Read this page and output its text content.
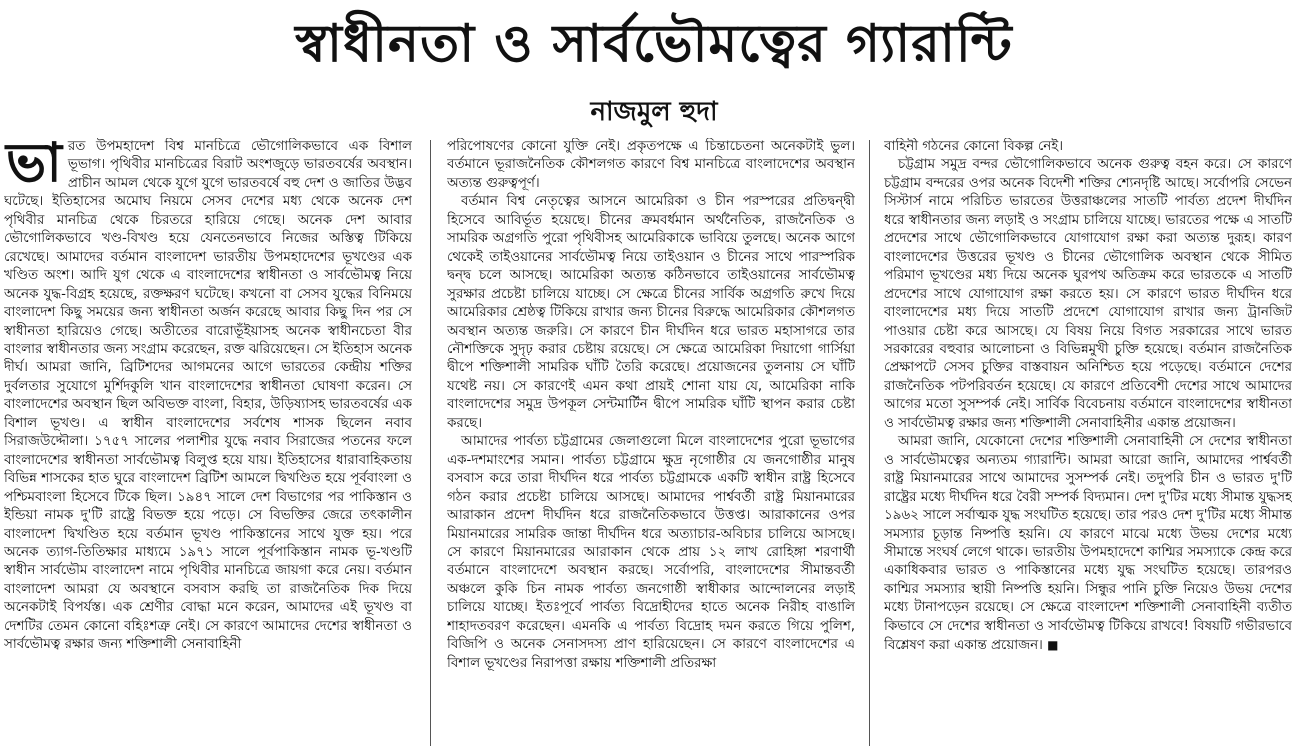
স্বাধীনতা ও সার্বভৌমত্বের গ্যারান্টি
নাজমুল হুদা

ভারত উপমহাদেশ বিশ্ব মানচিত্রে ভৌগোলিকভাবে এক বিশাল ভূভাগ। পৃথিবীর মানচিত্রের বিরাট অংশজুড়ে ভারতবর্ষের অবস্থান। প্রাচীন আমল থেকে যুগে যুগে ভারতবর্ষে বহু দেশ ও জাতির উদ্ভব ঘটেছে। ইতিহাসের অমোঘ নিয়মে সেসব দেশের মধ্য থেকে অনেক দেশ পৃথিবীর মানচিত্র থেকে চিরতরে হারিয়ে গেছে। অনেক দেশ আবার ভৌগোলিকভাবে খণ্ড-বিখণ্ড হয়ে যেনতেনভাবে নিজের অস্তিত্ব টিকিয়ে রেখেছে। আমাদের বর্তমান বাংলাদেশ ভারতীয় উপমহাদেশের ভূখণ্ডের এক খণ্ডিত অংশ। আদি যুগ থেকে এ বাংলাদেশের স্বাধীনতা ও সার্বভৌমত্ব নিয়ে অনেক যুদ্ধ-বিগ্রহ হয়েছে, রক্তক্ষরণ ঘটেছে। কখনো বা সেসব যুদ্ধের বিনিময়ে বাংলাদেশ কিছু সময়ের জন্য স্বাধীনতা অর্জন করেছে আবার কিছু দিন পর সে স্বাধীনতা হারিয়েও গেছে। অতীতের বারোভূঁইয়াসহ অনেক স্বাধীনচেতা বীর বাংলার স্বাধীনতার জন্য সংগ্রাম করেছেন, রক্ত ঝরিয়েছেন। সে ইতিহাস অনেক দীর্ঘ। আমরা জানি, ব্রিটিশদের আগমনের আগে ভারতের কেন্দ্রীয় শক্তির দুর্বলতার সুযোগে মুর্শিদকুলি খান বাংলাদেশের স্বাধীনতা ঘোষণা করেন। সে বাংলাদেশের অবস্থান ছিল অবিভক্ত বাংলা, বিহার, উড়িষ্যাসহ ভারতবর্ষের এক বিশাল ভূখণ্ড। এ স্বাধীন বাংলাদেশের সর্বশেষ শাসক ছিলেন নবাব সিরাজউদ্দৌলা। ১৭৫৭ সালের পলাশীর যুদ্ধে নবাব সিরাজের পতনের ফলে বাংলাদেশের স্বাধীনতা সার্বভৌমত্ব বিলুপ্ত হয়ে যায়। ইতিহাসের ধারাবাহিকতায় বিভিন্ন শাসকের হাত ঘুরে বাংলাদেশ ব্রিটিশ আমলে দ্বিখণ্ডিত হয়ে পূর্ববাংলা ও পশ্চিমবাংলা হিসেবে টিকে ছিল। ১৯৪৭ সালে দেশ বিভাগের পর পাকিস্তান ও ইন্ডিয়া নামক দু'টি রাষ্ট্রে বিভক্ত হয়ে পড়ে। সে বিভক্তির জেরে তৎকালীন বাংলাদেশ দ্বিখণ্ডিত হয়ে বর্তমান ভূখণ্ড পাকিস্তানের সাথে যুক্ত হয়। পরে অনেক ত্যাগ-তিতিক্ষার মাধ্যমে ১৯৭১ সালে পূর্বপাকিস্তান নামক ভূ-খণ্ডটি স্বাধীন সার্বভৌম বাংলাদেশ নামে পৃথিবীর মানচিত্রে জায়গা করে নেয়। বর্তমান বাংলাদেশ আমরা যে অবস্থানে বসবাস করছি তা রাজনৈতিক দিক দিয়ে অনেকটাই বিপর্যস্ত। এক শ্রেণীর বোদ্ধা মনে করেন, আমাদের এই ভূখণ্ড বা দেশটির তেমন কোনো বহিঃশত্রু নেই। সে কারণে আমাদের দেশের স্বাধীনতা ও সার্বভৌমত্ব রক্ষার জন্য শক্তিশালী সেনাবাহিনী

পরিপোষণের কোনো যুক্তি নেই। প্রকৃতপক্ষে এ চিন্তাচেতনা অনেকটাই ভুল। বর্তমানে ভূরাজনৈতিক কৌশলগত কারণে বিশ্ব মানচিত্রে বাংলাদেশের অবস্থান অত্যন্ত গুরুত্বপূর্ণ।

বর্তমান বিশ্ব নেতৃত্বের আসনে আমেরিকা ও চীন পরস্পরের প্রতিদ্বন্দ্বী হিসেবে আবির্ভূত হয়েছে। চীনের ক্রমবর্ধমান অর্থনৈতিক, রাজনৈতিক ও সামরিক অগ্রগতি পুরো পৃথিবীসহ আমেরিকাকে ভাবিয়ে তুলছে। অনেক আগে থেকেই তাইওয়ানের সার্বভৌমত্ব নিয়ে তাইওয়ান ও চীনের সাথে পারস্পরিক দ্বন্দ্ব চলে আসছে। আমেরিকা অত্যন্ত কঠিনভাবে তাইওয়ানের সার্বভৌমত্ব সুরক্ষার প্রচেষ্টা চালিয়ে যাচ্ছে। সে ক্ষেত্রে চীনের সার্বিক অগ্রগতি রুখে দিয়ে আমেরিকার শ্রেষ্ঠত্ব টিকিয়ে রাখার জন্য চীনের বিরুদ্ধে আমেরিকার কৌশলগত অবস্থান অত্যন্ত জরুরি। সে কারণে চীন দীর্ঘদিন ধরে ভারত মহাসাগরে তার নৌশক্তিকে সুদৃঢ় করার চেষ্টায় রয়েছে। সে ক্ষেত্রে আমেরিকা দিয়াগো গার্সিয়া দ্বীপে শক্তিশালী সামরিক ঘাঁটি তৈরি করেছে। প্রয়োজনের তুলনায় সে ঘাঁটি যথেষ্ট নয়। সে কারণেই এমন কথা প্রায়ই শোনা যায় যে, আমেরিকা নাকি বাংলাদেশের সমুদ্র উপকূল সেন্টমার্টিন দ্বীপে সামরিক ঘাঁটি স্থাপন করার চেষ্টা করছে।

আমাদের পার্বত্য চট্টগ্রামের জেলাগুলো মিলে বাংলাদেশের পুরো ভূভাগের এক-দশমাংশের সমান। পার্বত্য চট্টগ্রামে ক্ষুদ্র নৃগোষ্ঠীর যে জনগোষ্ঠীর মানুষ বসবাস করে তারা দীর্ঘদিন ধরে পার্বত্য চট্টগ্রামকে একটি স্বাধীন রাষ্ট্র হিসেবে গঠন করার প্রচেষ্টা চালিয়ে আসছে। আমাদের পার্শ্ববর্তী রাষ্ট্র মিয়ানমারের আরাকান প্রদেশ দীর্ঘদিন ধরে রাজনৈতিকভাবে উত্তপ্ত। আরাকানের ওপর মিয়ানমারের সামরিক জান্তা দীর্ঘদিন ধরে অত্যাচার-অবিচার চালিয়ে আসছে। সে কারণে মিয়ানমারের আরাকান থেকে প্রায় ১২ লাখ রোহিঙ্গা শরণার্থী বর্তমানে বাংলাদেশে অবস্থান করছে। সর্বোপরি, বাংলাদেশের সীমান্তবর্তী অঞ্চলে কুকি চিন নামক পার্বত্য জনগোষ্ঠী স্বাধীকার আন্দোলনের লড়াই চালিয়ে যাচ্ছে। ইতঃপূর্বে পার্বত্য বিদ্রোহীদের হাতে অনেক নিরীহ বাঙালি শাহাদতবরণ করেছেন। এমনকি এ পার্বত্য বিদ্রোহ দমন করতে গিয়ে পুলিশ, বিজিপি ও অনেক সেনাসদস্য প্রাণ হারিয়েছেন। সে কারণে বাংলাদেশের এ বিশাল ভূখণ্ডের নিরাপত্তা রক্ষায় শক্তিশালী প্রতিরক্ষা

বাহিনী গঠনের কোনো বিকল্প নেই।

চট্টগ্রাম সমুদ্র বন্দর ভৌগোলিকভাবে অনেক গুরুত্ব বহন করে। সে কারণে চট্টগ্রাম বন্দরের ওপর অনেক বিদেশী শক্তির শ্যেনদৃষ্টি আছে। সর্বোপরি সেভেন সিস্টার্স নামে পরিচিত ভারতের উত্তরাঞ্চলের সাতটি পার্বত্য প্রদেশ দীর্ঘদিন ধরে স্বাধীনতার জন্য লড়াই ও সংগ্রাম চালিয়ে যাচ্ছে। ভারতের পক্ষে এ সাতটি প্রদেশের সাথে ভৌগোলিকভাবে যোগাযোগ রক্ষা করা অত্যন্ত দুরূহ। কারণ বাংলাদেশের উত্তরের ভূখণ্ড ও চীনের ভৌগোলিক অবস্থান থেকে সীমিত পরিমাণ ভূখণ্ডের মধ্য দিয়ে অনেক ঘুরপথ অতিক্রম করে ভারতকে এ সাতটি প্রদেশের সাথে যোগাযোগ রক্ষা করতে হয়। সে কারণে ভারত দীর্ঘদিন ধরে বাংলাদেশের মধ্য দিয়ে সাতটি প্রদেশে যোগাযোগ রাখার জন্য ট্রানজিট পাওয়ার চেষ্টা করে আসছে। যে বিষয় নিয়ে বিগত সরকারের সাথে ভারত সরকারের বহুবার আলোচনা ও বিভিন্নমুখী চুক্তি হয়েছে। বর্তমান রাজনৈতিক প্রেক্ষাপটে সেসব চুক্তির বাস্তবায়ন অনিশ্চিত হয়ে পড়েছে। বর্তমানে দেশের রাজনৈতিক পটপরিবর্তন হয়েছে। যে কারণে প্রতিবেশী দেশের সাথে আমাদের আগের মতো সুসম্পর্ক নেই। সার্বিক বিবেচনায় বর্তমানে বাংলাদেশের স্বাধীনতা ও সার্বভৌমত্ব রক্ষার জন্য শক্তিশালী সেনাবাহিনীর একান্ত প্রয়োজন।

আমরা জানি, যেকোনো দেশের শক্তিশালী সেনাবাহিনী সে দেশের স্বাধীনতা ও সার্বভৌমত্বের অন্যতম গ্যারান্টি। আমরা আরো জানি, আমাদের পার্শ্ববর্তী রাষ্ট্র মিয়ানমারের সাথে আমাদের সুসম্পর্ক নেই। তদুপরি চীন ও ভারত দু'টি রাষ্ট্রের মধ্যে দীর্ঘদিন ধরে বৈরী সম্পর্ক বিদ্যমান। দেশ দু'টির মধ্যে সীমান্ত যুদ্ধসহ ১৯৬২ সালে সর্বাত্মক যুদ্ধ সংঘটিত হয়েছে। তার পরও দেশ দু'টির মধ্যে সীমান্ত সমস্যার চূড়ান্ত নিষ্পত্তি হয়নি। যে কারণে মাঝে মধ্যে উভয় দেশের মধ্যে সীমান্তে সংঘর্ষ লেগে থাকে। ভারতীয় উপমহাদেশে কাশ্মির সমস্যাকে কেন্দ্র করে একাধিকবার ভারত ও পাকিস্তানের মধ্যে যুদ্ধ সংঘটিত হয়েছে। তারপরও কাশ্মির সমস্যার স্থায়ী নিষ্পত্তি হয়নি। সিন্ধুর পানি চুক্তি নিয়েও উভয় দেশের মধ্যে টানাপড়েন রয়েছে। সে ক্ষেত্রে বাংলাদেশ শক্তিশালী সেনাবাহিনী ব্যতীত কিভাবে সে দেশের স্বাধীনতা ও সার্বভৌমত্ব টিকিয়ে রাখবে! বিষয়টি গভীরভাবে বিশ্লেষণ করা একান্ত প্রয়োজন। ■
